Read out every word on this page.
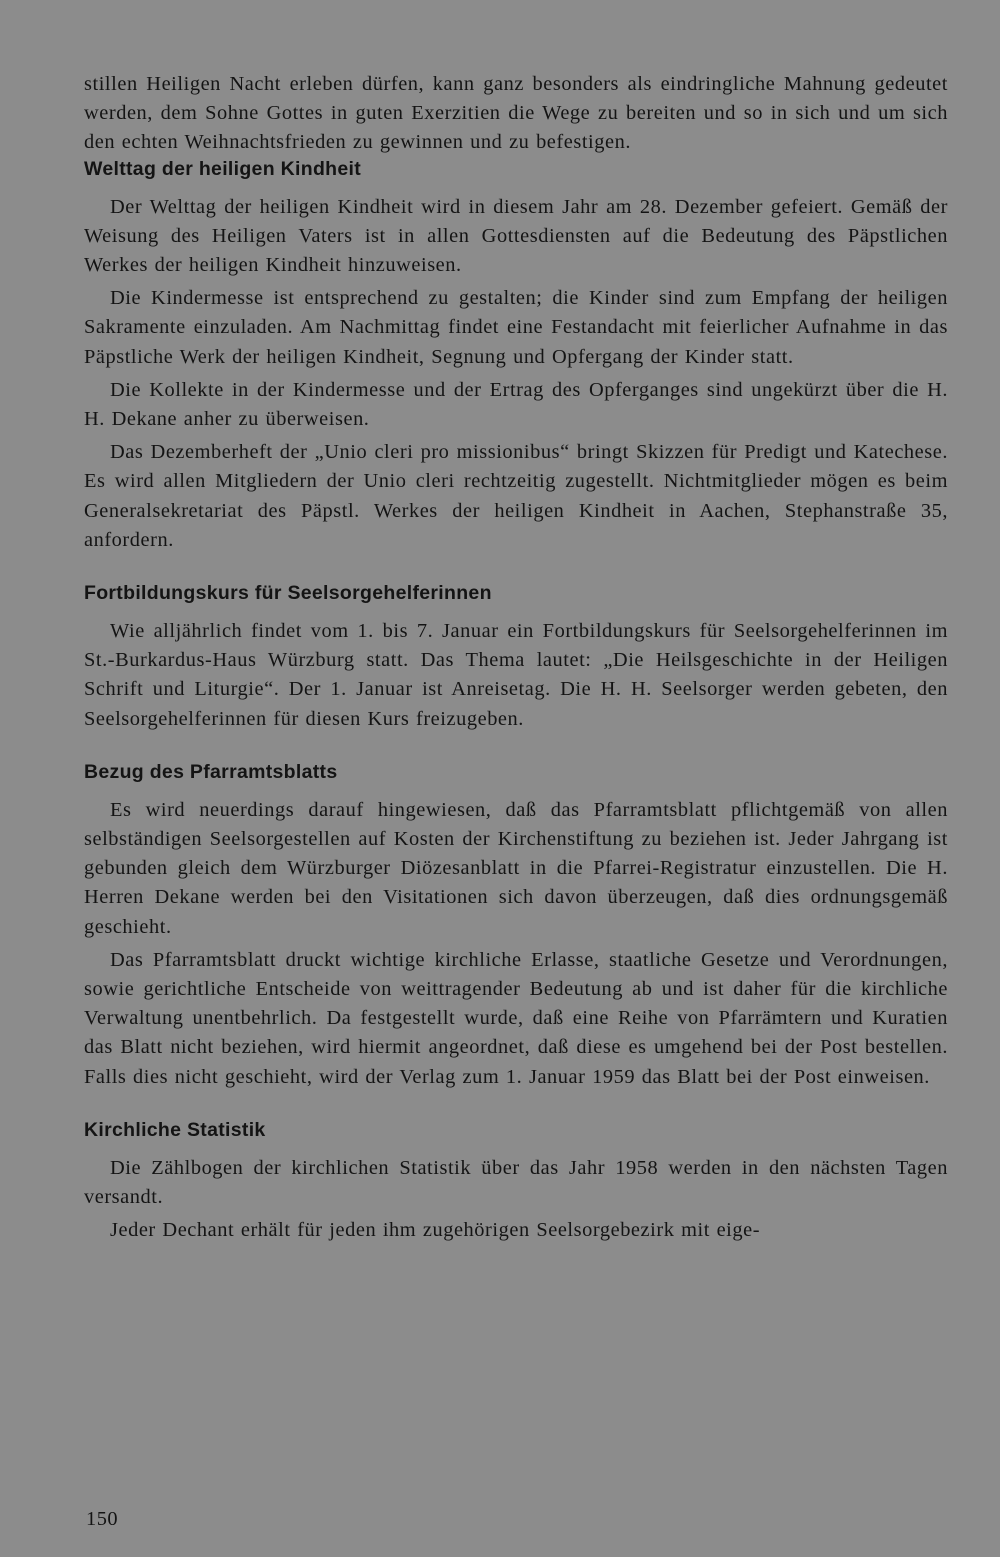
stillen Heiligen Nacht erleben dürfen, kann ganz besonders als eindringliche Mahnung gedeutet werden, dem Sohne Gottes in guten Exerzitien die Wege zu bereiten und so in sich und um sich den echten Weihnachtsfrieden zu gewinnen und zu befestigen.

Welttag der heiligen Kindheit

Der Welttag der heiligen Kindheit wird in diesem Jahr am 28. Dezember gefeiert. Gemäß der Weisung des Heiligen Vaters ist in allen Gottesdiensten auf die Bedeutung des Päpstlichen Werkes der heiligen Kindheit hinzuweisen.

Die Kindermesse ist entsprechend zu gestalten; die Kinder sind zum Empfang der heiligen Sakramente einzuladen. Am Nachmittag findet eine Festandacht mit feierlicher Aufnahme in das Päpstliche Werk der heiligen Kindheit, Segnung und Opfergang der Kinder statt.

Die Kollekte in der Kindermesse und der Ertrag des Opferganges sind ungekürzt über die H. H. Dekane anher zu überweisen.

Das Dezemberheft der „Unio cleri pro missionibus“ bringt Skizzen für Predigt und Katechese. Es wird allen Mitgliedern der Unio cleri rechtzeitig zugestellt. Nichtmitglieder mögen es beim Generalsekretariat des Päpstl. Werkes der heiligen Kindheit in Aachen, Stephanstraße 35, anfordern.

Fortbildungskurs für Seelsorgehelferinnen

Wie alljährlich findet vom 1. bis 7. Januar ein Fortbildungskurs für Seelsorgehelferinnen im St.-Burkardus-Haus Würzburg statt. Das Thema lautet: „Die Heilsgeschichte in der Heiligen Schrift und Liturgie“. Der 1. Januar ist Anreisetag. Die H. H. Seelsorger werden gebeten, den Seelsorgehelferinnen für diesen Kurs freizugeben.

Bezug des Pfarramtsblatts

Es wird neuerdings darauf hingewiesen, daß das Pfarramtsblatt pflichtgemäß von allen selbständigen Seelsorgestellen auf Kosten der Kirchenstiftung zu beziehen ist. Jeder Jahrgang ist gebunden gleich dem Würzburger Diözesanblatt in die Pfarrei-Registratur einzustellen. Die H. Herren Dekane werden bei den Visitationen sich davon überzeugen, daß dies ordnungsgemäß geschieht.

Das Pfarramtsblatt druckt wichtige kirchliche Erlasse, staatliche Gesetze und Verordnungen, sowie gerichtliche Entscheide von weittragender Bedeutung ab und ist daher für die kirchliche Verwaltung unentbehrlich. Da festgestellt wurde, daß eine Reihe von Pfarrämtern und Kuratien das Blatt nicht beziehen, wird hiermit angeordnet, daß diese es umgehend bei der Post bestellen. Falls dies nicht geschieht, wird der Verlag zum 1. Januar 1959 das Blatt bei der Post einweisen.

Kirchliche Statistik

Die Zählbogen der kirchlichen Statistik über das Jahr 1958 werden in den nächsten Tagen versandt.

Jeder Dechant erhält für jeden ihm zugehörigen Seelsorgebezirk mit eige-

150
